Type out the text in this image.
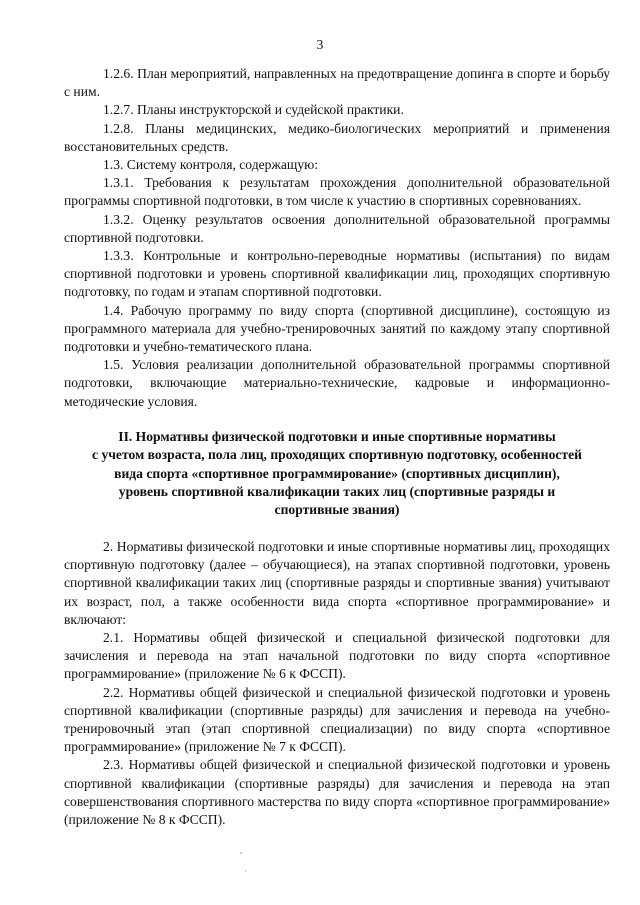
3

1.2.6. План мероприятий, направленных на предотвращение допинга в спорте и борьбу с ним.

1.2.7. Планы инструкторской и судейской практики.

1.2.8. Планы медицинских, медико-биологических мероприятий и применения восстановительных средств.

1.3. Систему контроля, содержащую:

1.3.1. Требования к результатам прохождения дополнительной образовательной программы спортивной подготовки, в том числе к участию в спортивных соревнованиях.

1.3.2. Оценку результатов освоения дополнительной образовательной программы спортивной подготовки.

1.3.3. Контрольные и контрольно-переводные нормативы (испытания) по видам спортивной подготовки и уровень спортивной квалификации лиц, проходящих спортивную подготовку, по годам и этапам спортивной подготовки.

1.4. Рабочую программу по виду спорта (спортивной дисциплине), состоящую из программного материала для учебно-тренировочных занятий по каждому этапу спортивной подготовки и учебно-тематического плана.

1.5. Условия реализации дополнительной образовательной программы спортивной подготовки, включающие материально-технические, кадровые и информационно-методические условия.

II. Нормативы физической подготовки и иные спортивные нормативы
с учетом возраста, пола лиц, проходящих спортивную подготовку, особенностей
вида спорта «спортивное программирование» (спортивных дисциплин),
уровень спортивной квалификации таких лиц (спортивные разряды и
спортивные звания)

2. Нормативы физической подготовки и иные спортивные нормативы лиц, проходящих спортивную подготовку (далее – обучающиеся), на этапах спортивной подготовки, уровень спортивной квалификации таких лиц (спортивные разряды и спортивные звания) учитывают их возраст, пол, а также особенности вида спорта «спортивное программирование» и включают:

2.1. Нормативы общей физической и специальной физической подготовки для зачисления и перевода на этап начальной подготовки по виду спорта «спортивное программирование» (приложение № 6 к ФССП).

2.2. Нормативы общей физической и специальной физической подготовки и уровень спортивной квалификации (спортивные разряды) для зачисления и перевода на учебно-тренировочный этап (этап спортивной специализации) по виду спорта «спортивное программирование» (приложение № 7 к ФССП).

2.3. Нормативы общей физической и специальной физической подготовки и уровень спортивной квалификации (спортивные разряды) для зачисления и перевода на этап совершенствования спортивного мастерства по виду спорта «спортивное программирование» (приложение № 8 к ФССП).
